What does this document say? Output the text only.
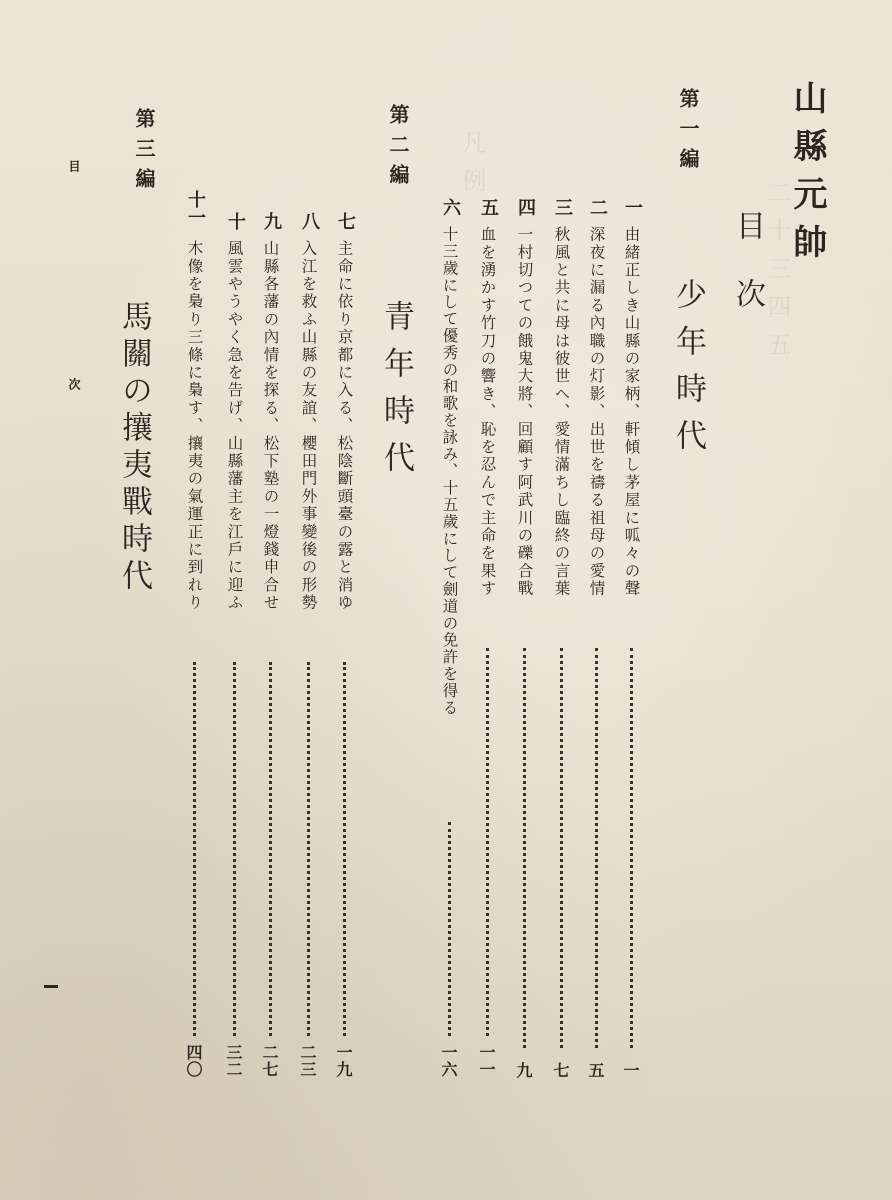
二十三四五
凡例	山縣元帥
目次
第一編
少年時代
一
由緒正しき山縣の家柄、軒傾し茅屋に呱々の聲
一
二
深夜に漏る內職の灯影、出世を禱る祖母の愛情
五
三
秋風と共に母は彼世へ、愛情滿ちし臨終の言葉
七
四
一村切つての餓鬼大將、回顧す阿武川の礫合戰
九
五
血を湧かす竹刀の響き、恥を忍んで主命を果す
一一
六
十三歲にして優秀の和歌を詠み、十五歲にして劍道の免許を得る
一六
第二編
青年時代
七
主命に依り京都に入る、松陰斷頭臺の露と消ゆ
一九
八
入江を救ふ山縣の友誼、櫻田門外事變後の形勢
二三
九
山縣各藩の內情を探る、松下塾の一燈錢申合せ
二七
十
風雲やうやく急を告げ、山縣藩主を江戶に迎ふ
三二
十一
木像を梟り三條に梟す、攘夷の氣運正に到れり
四〇
第三編
馬關の攘夷戰時代
目 次
